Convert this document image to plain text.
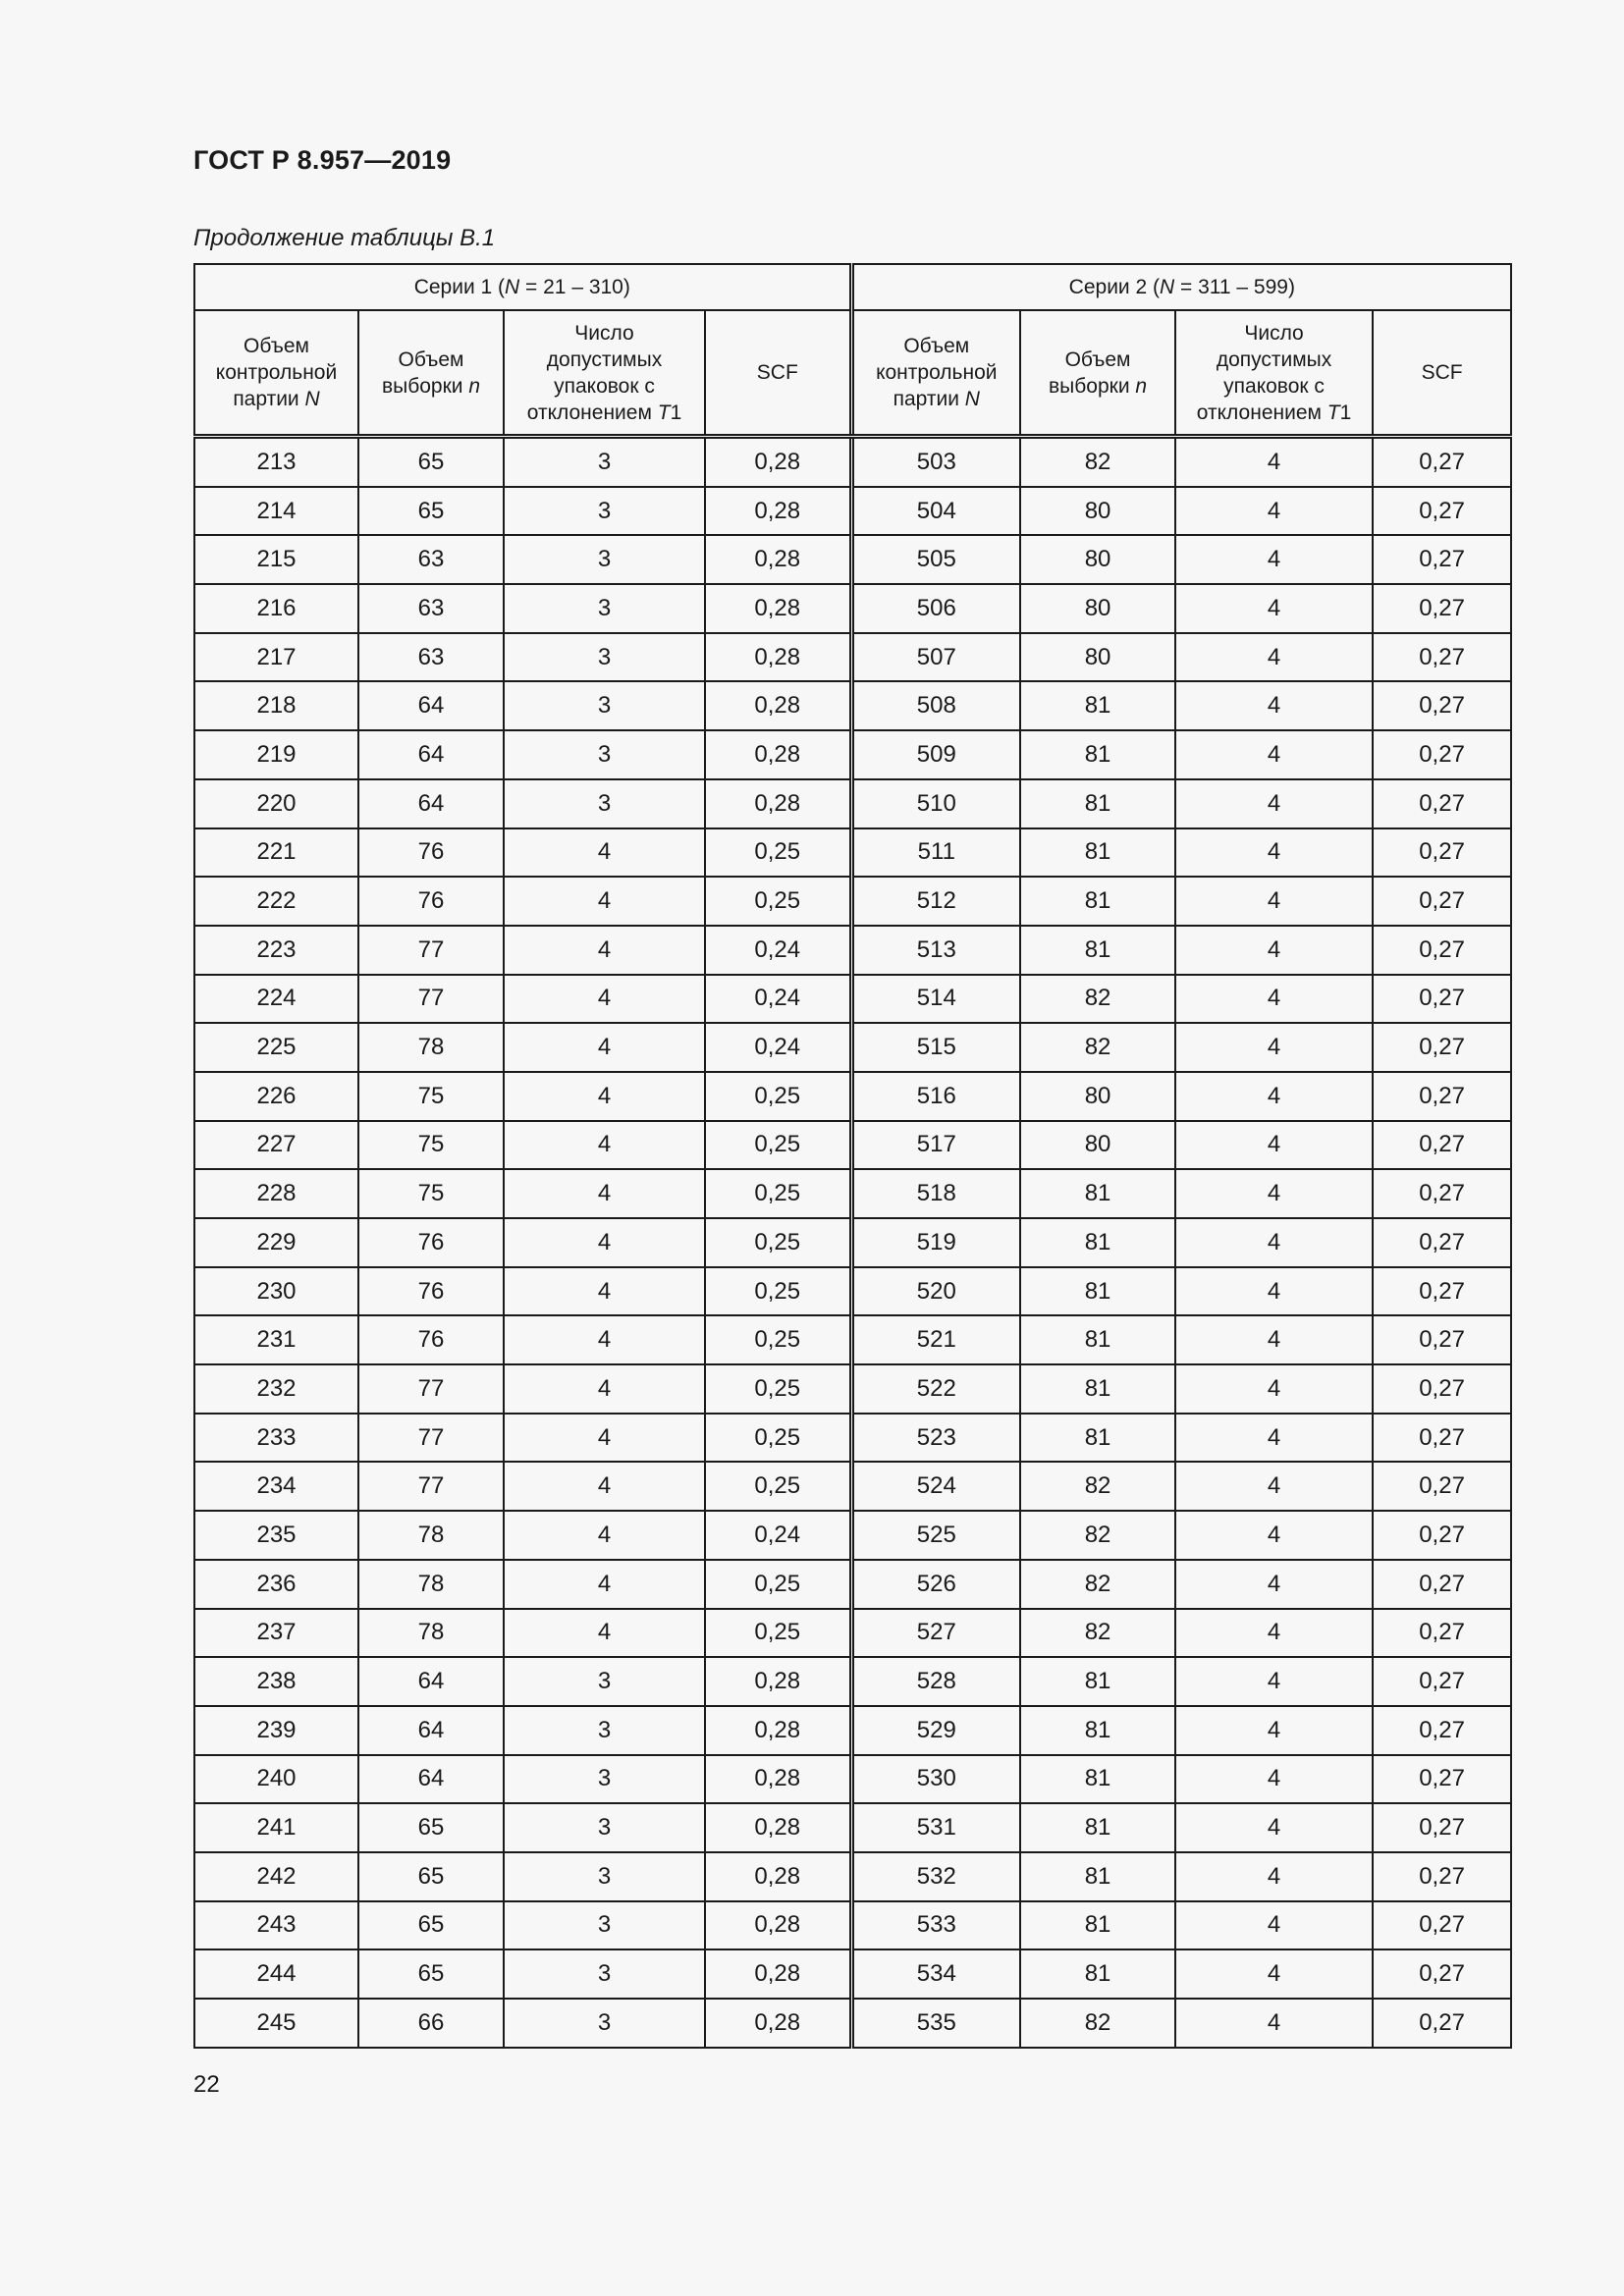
ГОСТ Р 8.957—2019
Продолжение таблицы В.1
Серии 1 (N = 21 – 310)				Серии 2 (N = 311 – 599)			

Объем
контрольной
партии N	Объем
выборки n	Число
допустимых
упаковок с
отклонением T1	SCF	Объем
контрольной
партии N	Объем
выборки n	Число
допустимых
упаковок с
отклонением T1	SCF
213	65	3	0,28	503	82	4	0,27
214	65	3	0,28	504	80	4	0,27
215	63	3	0,28	505	80	4	0,27
216	63	3	0,28	506	80	4	0,27
217	63	3	0,28	507	80	4	0,27
218	64	3	0,28	508	81	4	0,27
219	64	3	0,28	509	81	4	0,27
220	64	3	0,28	510	81	4	0,27
221	76	4	0,25	511	81	4	0,27
222	76	4	0,25	512	81	4	0,27
223	77	4	0,24	513	81	4	0,27
224	77	4	0,24	514	82	4	0,27
225	78	4	0,24	515	82	4	0,27
226	75	4	0,25	516	80	4	0,27
227	75	4	0,25	517	80	4	0,27
228	75	4	0,25	518	81	4	0,27
229	76	4	0,25	519	81	4	0,27
230	76	4	0,25	520	81	4	0,27
231	76	4	0,25	521	81	4	0,27
232	77	4	0,25	522	81	4	0,27
233	77	4	0,25	523	81	4	0,27
234	77	4	0,25	524	82	4	0,27
235	78	4	0,24	525	82	4	0,27
236	78	4	0,25	526	82	4	0,27
237	78	4	0,25	527	82	4	0,27
238	64	3	0,28	528	81	4	0,27
239	64	3	0,28	529	81	4	0,27
240	64	3	0,28	530	81	4	0,27
241	65	3	0,28	531	81	4	0,27
242	65	3	0,28	532	81	4	0,27
243	65	3	0,28	533	81	4	0,27
244	65	3	0,28	534	81	4	0,27
245	66	3	0,28	535	82	4	0,27
22
